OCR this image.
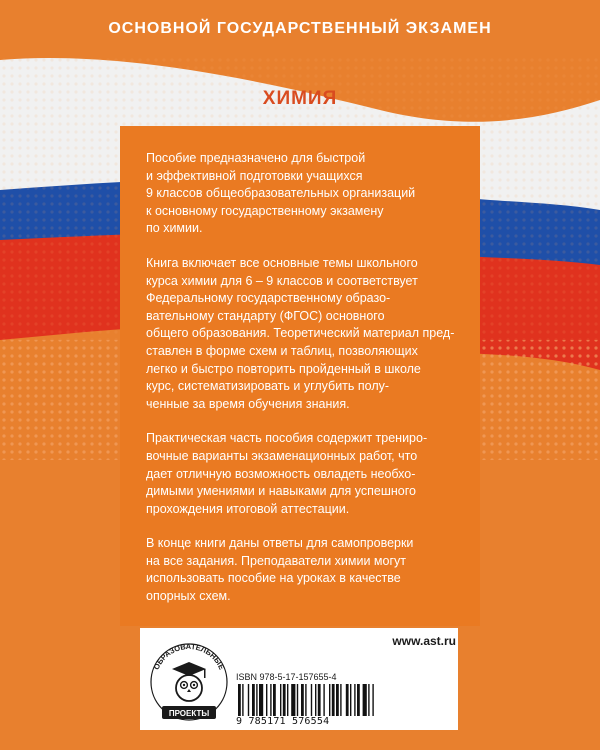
ОСНОВНОЙ ГОСУДАРСТВЕННЫЙ ЭКЗАМЕН
ХИМИЯ

Пособие предназначено для быстрой
и эффективной подготовки учащихся
9 классов общеобразовательных организаций
к основному государственному экзамену
по химии.

Книга включает все основные темы школьного
курса химии для 6 – 9 классов и соответствует
Федеральному государственному образо-
вательному стандарту (ФГОС) основного
общего образования. Теоретический материал пред-
ставлен в форме схем и таблиц, позволяющих
легко и быстро повторить пройденный в школе
курс, систематизировать и углубить полу-
ченные за время обучения знания.

Практическая часть пособия содержит трениро-
вочные варианты экзаменационных работ, что
дает отличную возможность овладеть необхо-
димыми умениями и навыками для успешного
прохождения итоговой аттестации.

В конце книги даны ответы для самопроверки
на все задания. Преподаватели химии могут
использовать пособие на уроках в качестве
опорных схем.

ОБРАЗОВАТЕЛЬНЫЕ
ПРОЕКТЫ
www.ast.ru
ISBN 978-5-17-157655-4
9 785171 576554
